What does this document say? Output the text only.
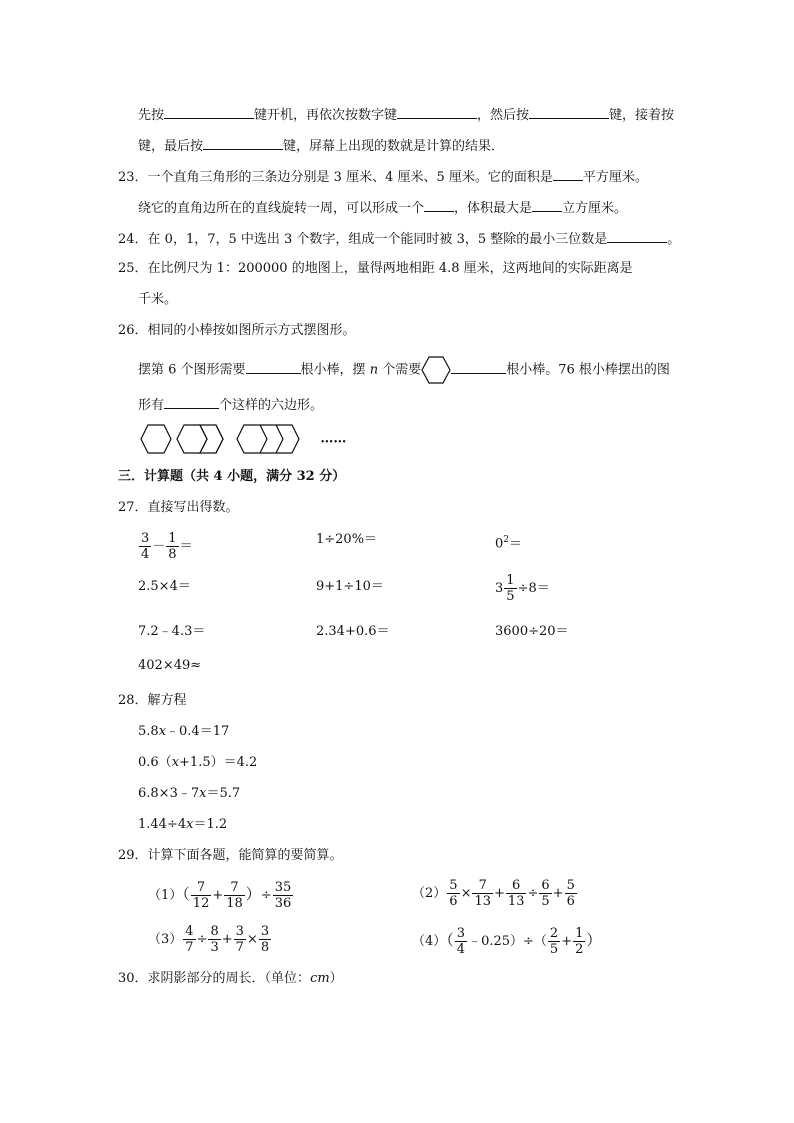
先按	键开机，再依次按数字键	，然后按	键，接着按
键，最后按	键，屏幕上出现的数就是计算的结果．
23．一个直角三角形的三条边分别是 3 厘米、4 厘米、5 厘米。它的面积是 平方厘米。
绕它的直角边所在的直线旋转一周，可以形成一个 ，体积最大是 立方厘米。
24．在 0，1，7，5 中选出 3 个数字，组成一个能同时被 3，5 整除的最小三位数是	。
25．在比例尺为 1：200000 的地图上，量得两地相距 4.8 厘米，这两地间的实际距离是
千米。
26．相同的小棒按如图所示方式摆图形。
摆第 6 个图形需要	根小棒，摆 n 个需要	根小棒。76 根小棒摆出的图
形有	个这样的六边形。
……
三．计算题（共 4 小题，满分 32 分）
27．直接写出得数。
$\frac{3}{4} - \frac{1}{8}$ ＝	1÷20%＝	$0^2=$
2.5×4＝	9+1÷10＝	$3 \frac{1}{5} \div 8=$
7.2﹣4.3＝	2.34+0.6＝	3600÷20＝
402×49≈
28．解方程
5.8x﹣0.4＝17
0.6（x+1.5）＝4.2
6.8×3﹣7x＝5.7
1.44÷4x＝1.2
29．计算下面各题，能简算的要简算。
$(1)( \frac{7}{12} + \frac{7}{18}$ ）÷ $\frac{35}{36}$	$(2) \frac{5}{6} \times \frac{7}{13} + \frac{6}{13} \div \frac{6}{5} + \frac{5}{6}$
$(3) \frac{4}{7} \div \frac{8}{3} + \frac{3}{7} \times \frac{3}{8}$	$(4)( \frac{3}{4}$ ﹣0.25）÷（ $\frac{2}{5} + \frac{1}{2}$ ）
30．求阴影部分的周长．（单位：cm）
